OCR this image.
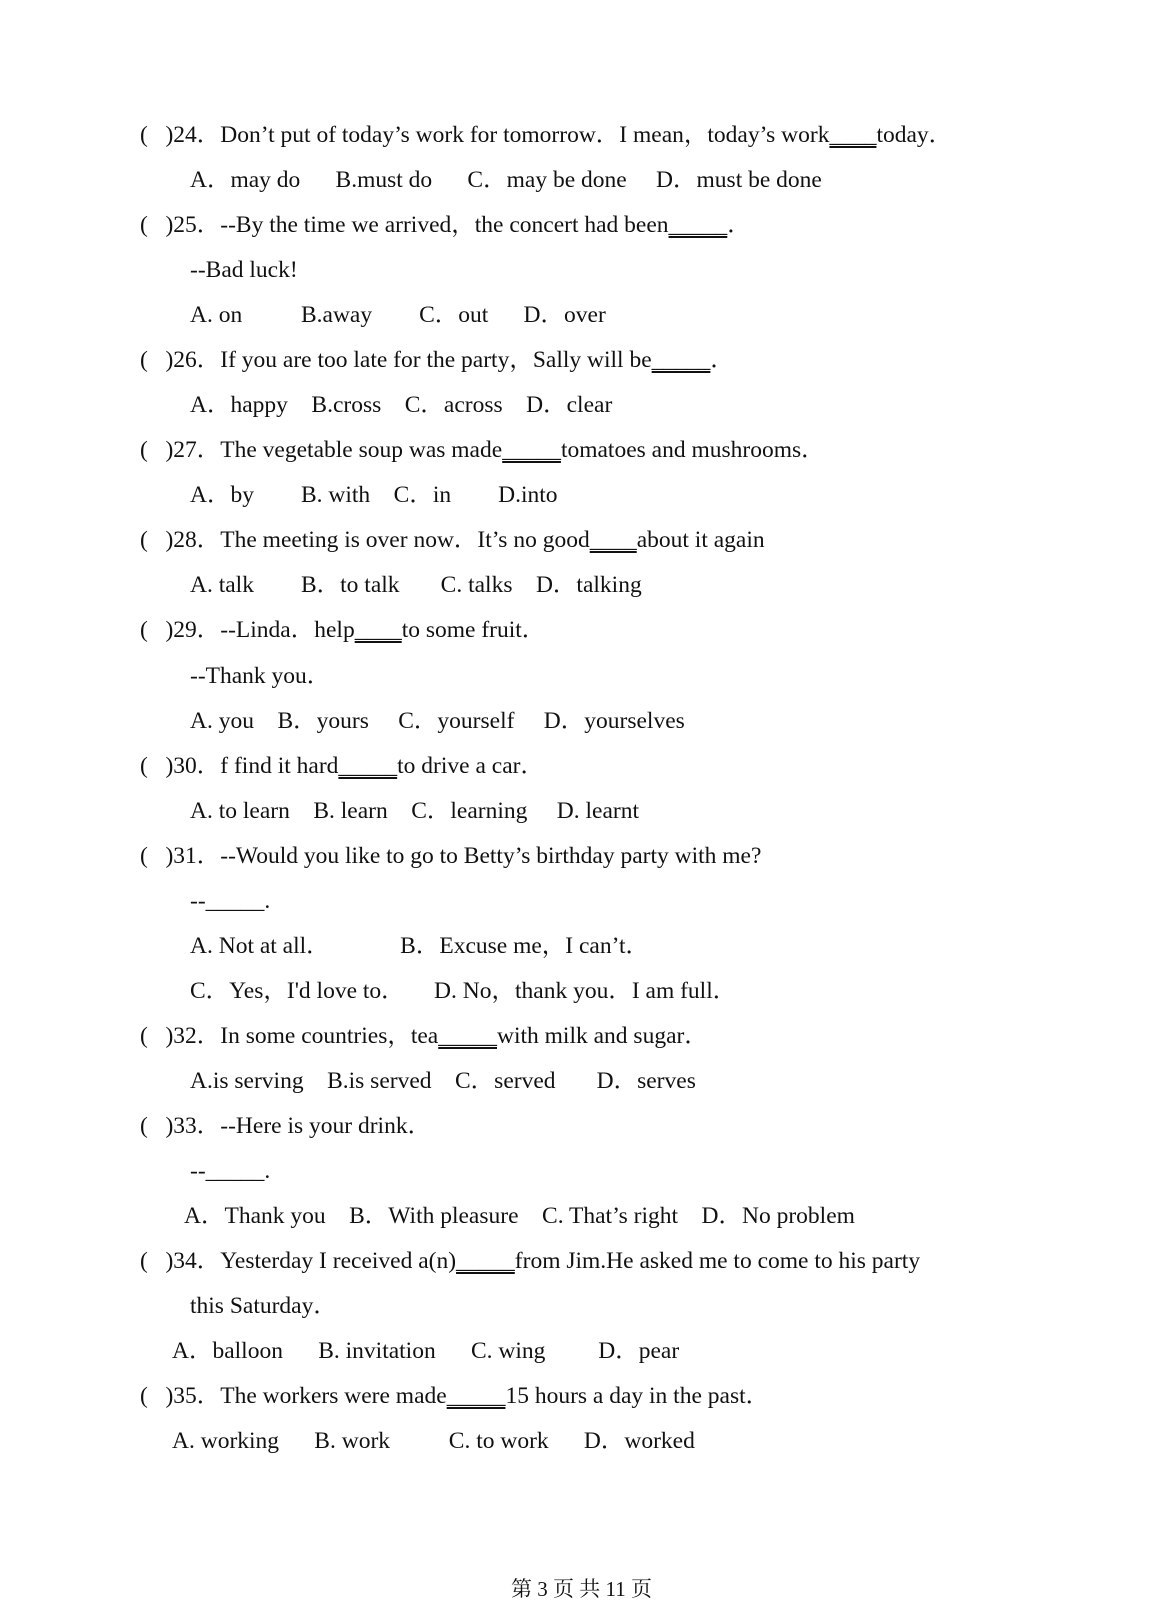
(   )24．Don’t put of today’s work for tomorrow．I mean，today’s work____today．
A．may do      B.must do      C．may be done     D．must be done
(   )25．--By the time we arrived，the concert had been_____．
--Bad luck!
A. on          B.away        C．out      D．over
(   )26．If you are too late for the party，Sally will be_____．
A．happy    B.cross    C．across    D．clear
(   )27．The vegetable soup was made_____tomatoes and mushrooms．
A．by        B. with    C．in        D.into
(   )28．The meeting is over now．It’s no good____about it again
A. talk        B．to talk       C. talks    D．talking
(   )29．--Linda．help____to some fruit．
--Thank you．
A. you    B．yours     C．yourself     D．yourselves
(   )30．f find it hard_____to drive a car．
A. to learn    B. learn    C．learning     D. learnt
(   )31．--Would you like to go to Betty’s birthday party with me?
--_____.
A. Not at all．            B．Excuse me，I can’t．
C．Yes，I'd love to．     D. No，thank you．I am full．
(   )32．In some countries，tea_____with milk and sugar．
A.is serving    B.is served    C．served       D．serves
(   )33．--Here is your drink．
--_____.
A．Thank you    B．With pleasure    C. That’s right    D．No problem
(   )34．Yesterday I received a(n)_____from Jim.He asked me to come to his party
this Saturday．
A．balloon      B. invitation      C. wing         D．pear
(   )35．The workers were made_____15 hours a day in the past．
A. working      B. work          C. to work      D．worked
第 3 页 共 11 页
